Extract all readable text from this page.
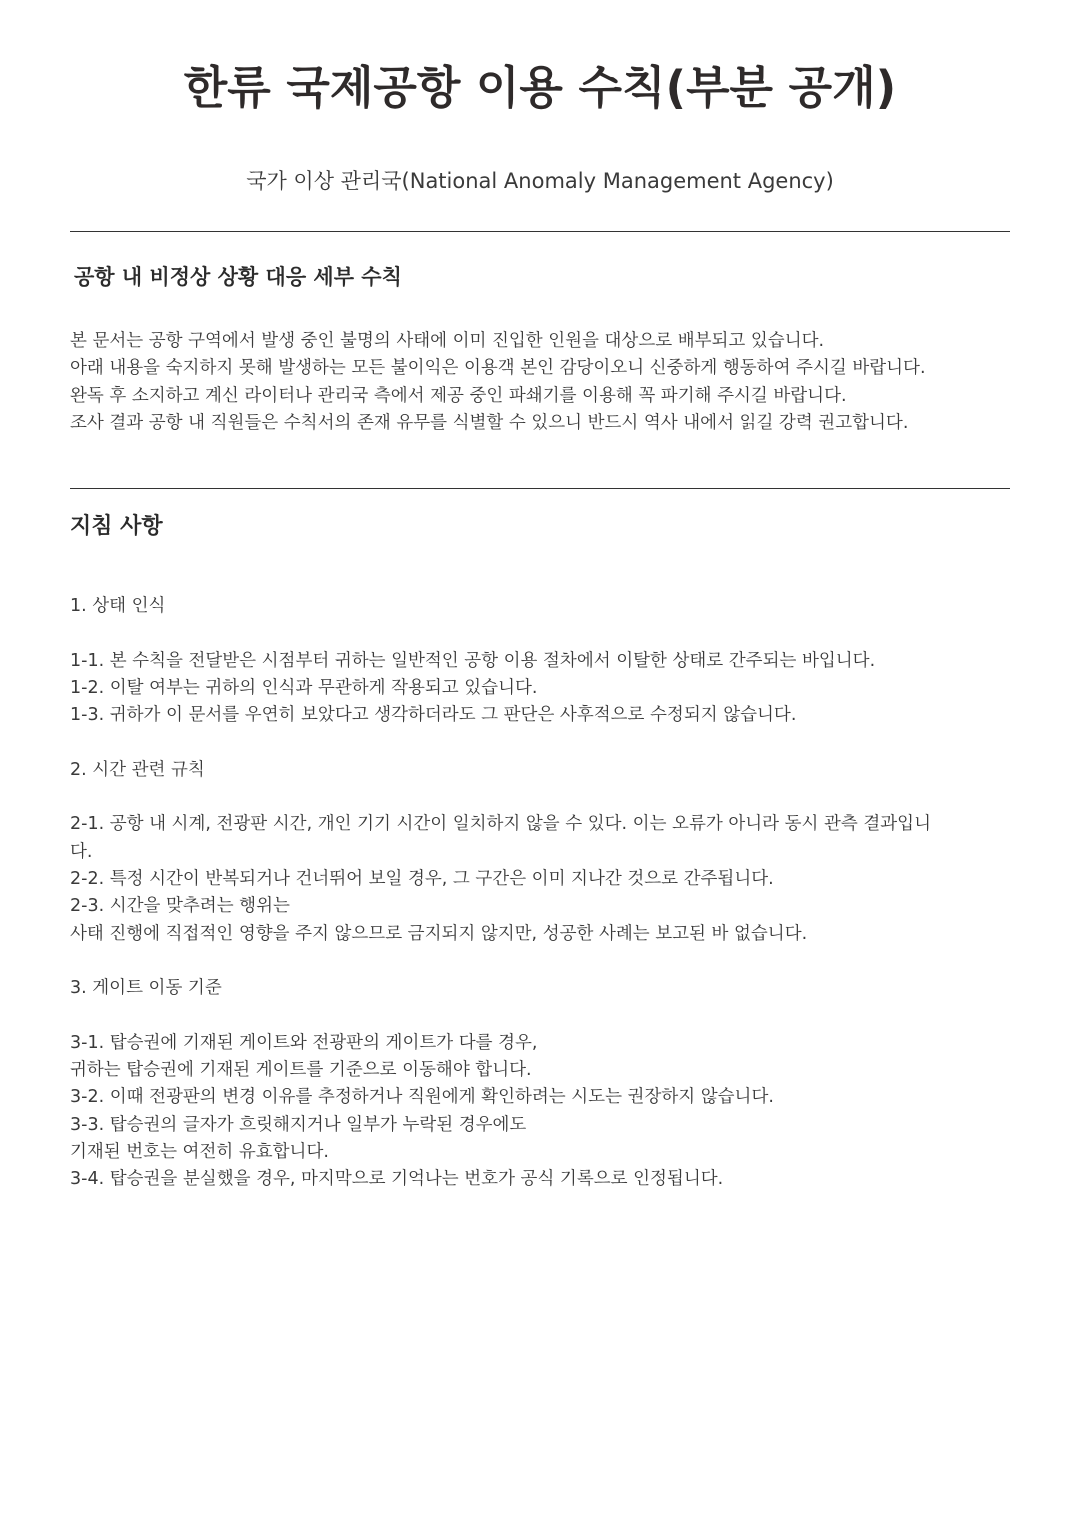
한류 국제공항 이용 수칙(부분 공개)

국가 이상 관리국(National Anomaly Management Agency)

공항 내 비정상 상황 대응 세부 수칙
본 문서는 공항 구역에서 발생 중인 불명의 사태에 이미 진입한 인원을 대상으로 배부되고 있습니다.
아래 내용을 숙지하지 못해 발생하는 모든 불이익은 이용객 본인 감당이오니 신중하게 행동하여 주시길 바랍니다.
완독 후 소지하고 계신 라이터나 관리국 측에서 제공 중인 파쇄기를 이용해 꼭 파기해 주시길 바랍니다.
조사 결과 공항 내 직원들은 수칙서의 존재 유무를 식별할 수 있으니 반드시 역사 내에서 읽길 강력 권고합니다.
지침 사항
1. 상태 인식
1-1. 본 수칙을 전달받은 시점부터 귀하는 일반적인 공항 이용 절차에서 이탈한 상태로 간주되는 바입니다.
1-2. 이탈 여부는 귀하의 인식과 무관하게 작용되고 있습니다.
1-3. 귀하가 이 문서를 우연히 보았다고 생각하더라도 그 판단은 사후적으로 수정되지 않습니다.
2. 시간 관련 규칙
2-1. 공항 내 시계, 전광판 시간, 개인 기기 시간이 일치하지 않을 수 있다. 이는 오류가 아니라 동시 관측 결과입니
다.
2-2. 특정 시간이 반복되거나 건너뛰어 보일 경우, 그 구간은 이미 지나간 것으로 간주됩니다.
2-3. 시간을 맞추려는 행위는
사태 진행에 직접적인 영향을 주지 않으므로 금지되지 않지만, 성공한 사례는 보고된 바 없습니다.
3. 게이트 이동 기준
3-1. 탑승권에 기재된 게이트와 전광판의 게이트가 다를 경우,
귀하는 탑승권에 기재된 게이트를 기준으로 이동해야 합니다.
3-2. 이때 전광판의 변경 이유를 추정하거나 직원에게 확인하려는 시도는 권장하지 않습니다.
3-3. 탑승권의 글자가 흐릿해지거나 일부가 누락된 경우에도
기재된 번호는 여전히 유효합니다.
3-4. 탑승권을 분실했을 경우, 마지막으로 기억나는 번호가 공식 기록으로 인정됩니다.
